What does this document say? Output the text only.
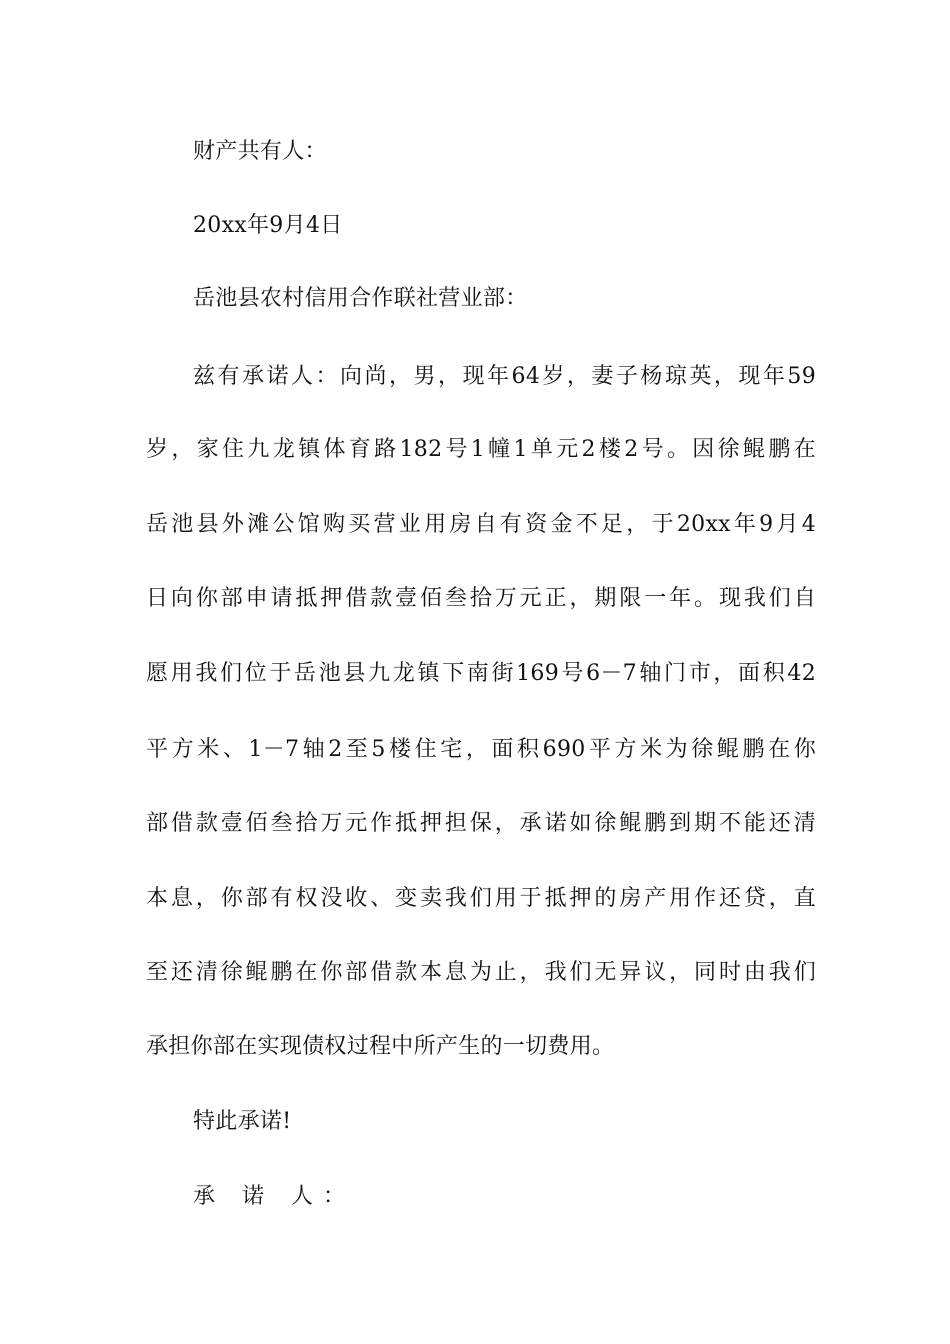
财产共有人：
20xx年9月4日
岳池县农村信用合作联社营业部：
兹有承诺人：向尚，男，现年64岁，妻子杨琼英，现年59
岁，家住九龙镇体育路182号1幢1单元2楼2号。因徐鲲鹏在
岳池县外滩公馆购买营业用房自有资金不足，于20xx年9月4
日向你部申请抵押借款壹佰叁拾万元正，期限一年。现我们自
愿用我们位于岳池县九龙镇下南街169号6－7轴门市，面积42
平方米、1－7轴2至5楼住宅，面积690平方米为徐鲲鹏在你
部借款壹佰叁拾万元作抵押担保，承诺如徐鲲鹏到期不能还清
本息，你部有权没收、变卖我们用于抵押的房产用作还贷，直
至还清徐鲲鹏在你部借款本息为止，我们无异议，同时由我们
承担你部在实现债权过程中所产生的一切费用。
特此承诺!
承 诺 人：
